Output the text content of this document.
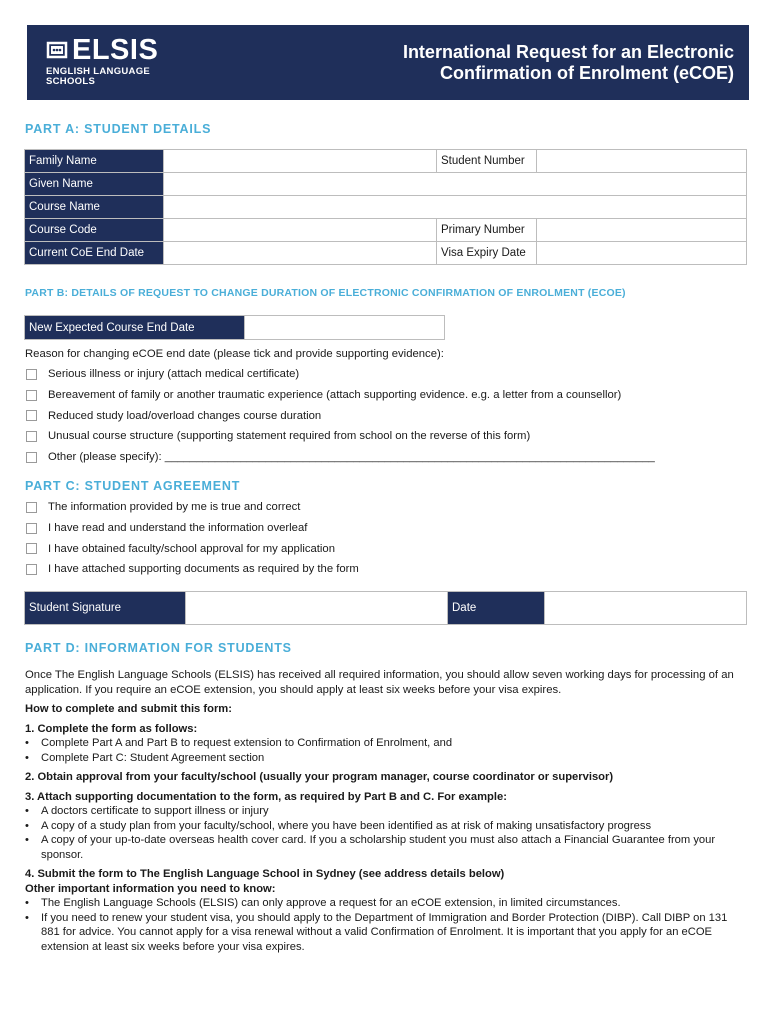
ELSIS
ENGLISH LANGUAGE SCHOOLS
International Request for an Electronic
Confirmation of Enrolment (eCOE)
PART A: STUDENT DETAILS
Family Name		Student Number	
Given Name			
Course Name			
Course Code		Primary Number	
Current CoE End Date		Visa Expiry Date	
PART B: DETAILS OF REQUEST TO CHANGE DURATION OF ELECTRONIC CONFIRMATION OF ENROLMENT (ECOE)
New Expected Course End Date	
Reason for changing eCOE end date (please tick and provide supporting evidence):
Serious illness or injury (attach medical certificate)
Bereavement of family or another traumatic experience (attach supporting evidence. e.g. a letter from a counsellor)
Reduced study load/overload changes course duration
Unusual course structure (supporting statement required from school on the reverse of this form)
Other (please specify): ______________________________________________________________________________
PART C: STUDENT AGREEMENT
The information provided by me is true and correct
I have read and understand the information overleaf
I have obtained faculty/school approval for my application
I have attached supporting documents as required by the form
Student Signature		Date	
PART D: INFORMATION FOR STUDENTS
Once The English Language Schools (ELSIS) has received all required information, you should allow seven working days for processing of an application. If you require an eCOE extension, you should apply at least six weeks before your visa expires.

How to complete and submit this form:

1. Complete the form as follows:

• Complete Part A and Part B to request extension to Confirmation of Enrolment, and

• Complete Part C: Student Agreement section

2. Obtain approval from your faculty/school (usually your program manager, course coordinator or supervisor)

3. Attach supporting documentation to the form, as required by Part B and C. For example:

• A doctors certificate to support illness or injury

• A copy of a study plan from your faculty/school, where you have been identified as at risk of making unsatisfactory progress

• A copy of your up-to-date overseas health cover card. If you a scholarship student you must also attach a Financial Guarantee from your sponsor.

4. Submit the form to The English Language School in Sydney (see address details below)

Other important information you need to know:

• The English Language Schools (ELSIS) can only approve a request for an eCOE extension, in limited circumstances.

• If you need to renew your student visa, you should apply to the Department of Immigration and Border Protection (DIBP). Call DIBP on 131 881 for advice. You cannot apply for a visa renewal without a valid Confirmation of Enrolment. It is important that you apply for an eCOE extension at least six weeks before your visa expires.
